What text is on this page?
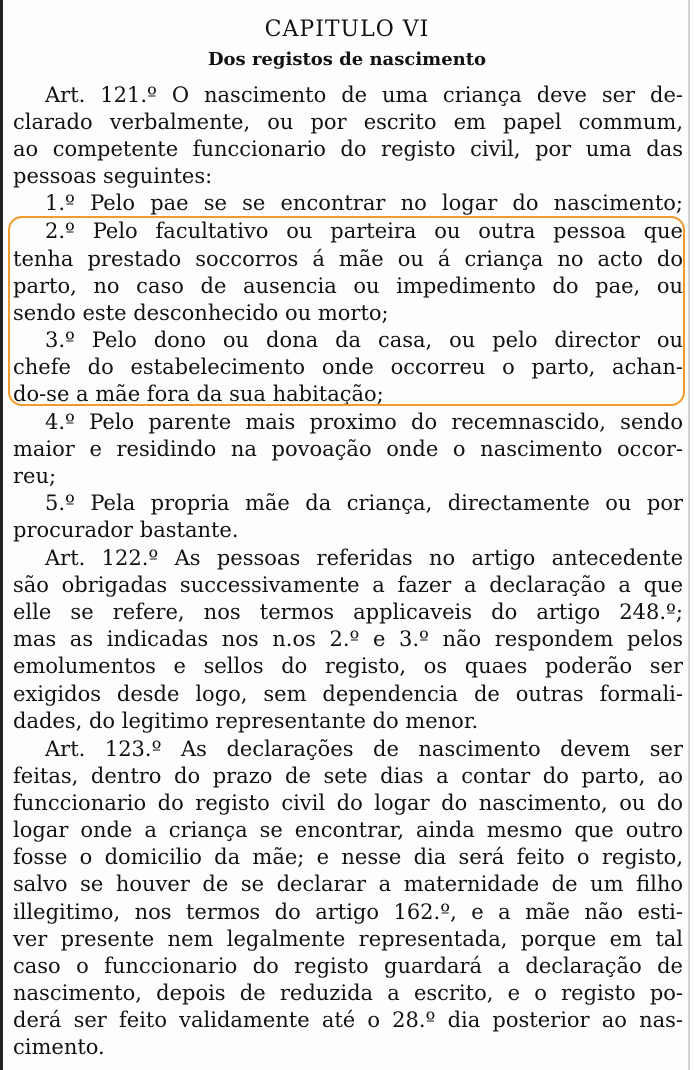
CAPITULO VI
Dos registos de nascimento
Art. 121.º O nascimento de uma criança deve ser de-
clarado verbalmente, ou por escrito em papel commum,
ao competente funccionario do registo civil, por uma das
pessoas seguintes:
1.º Pelo pae se se encontrar no logar do nascimento;
2.º Pelo facultativo ou parteira ou outra pessoa que
tenha prestado soccorros á mãe ou á criança no acto do
parto, no caso de ausencia ou impedimento do pae, ou
sendo este desconhecido ou morto;
3.º Pelo dono ou dona da casa, ou pelo director ou
chefe do estabelecimento onde occorreu o parto, achan-
do-se a mãe fora da sua habitação;
4.º Pelo parente mais proximo do recemnascido, sendo
maior e residindo na povoação onde o nascimento occor-
reu;
5.º Pela propria mãe da criança, directamente ou por
procurador bastante.
Art. 122.º As pessoas referidas no artigo antecedente
são obrigadas successivamente a fazer a declaração a que
elle se refere, nos termos applicaveis do artigo 248.º;
mas as indicadas nos n.os 2.º e 3.º não respondem pelos
emolumentos e sellos do registo, os quaes poderão ser
exigidos desde logo, sem dependencia de outras formali-
dades, do legitimo representante do menor.
Art. 123.º As declarações de nascimento devem ser
feitas, dentro do prazo de sete dias a contar do parto, ao
funccionario do registo civil do logar do nascimento, ou do
logar onde a criança se encontrar, ainda mesmo que outro
fosse o domicilio da mãe; e nesse dia será feito o registo,
salvo se houver de se declarar a maternidade de um filho
illegitimo, nos termos do artigo 162.º, e a mãe não esti-
ver presente nem legalmente representada, porque em tal
caso o funccionario do registo guardará a declaração de
nascimento, depois de reduzida a escrito, e o registo po-
derá ser feito validamente até o 28.º dia posterior ao nas-
cimento.
